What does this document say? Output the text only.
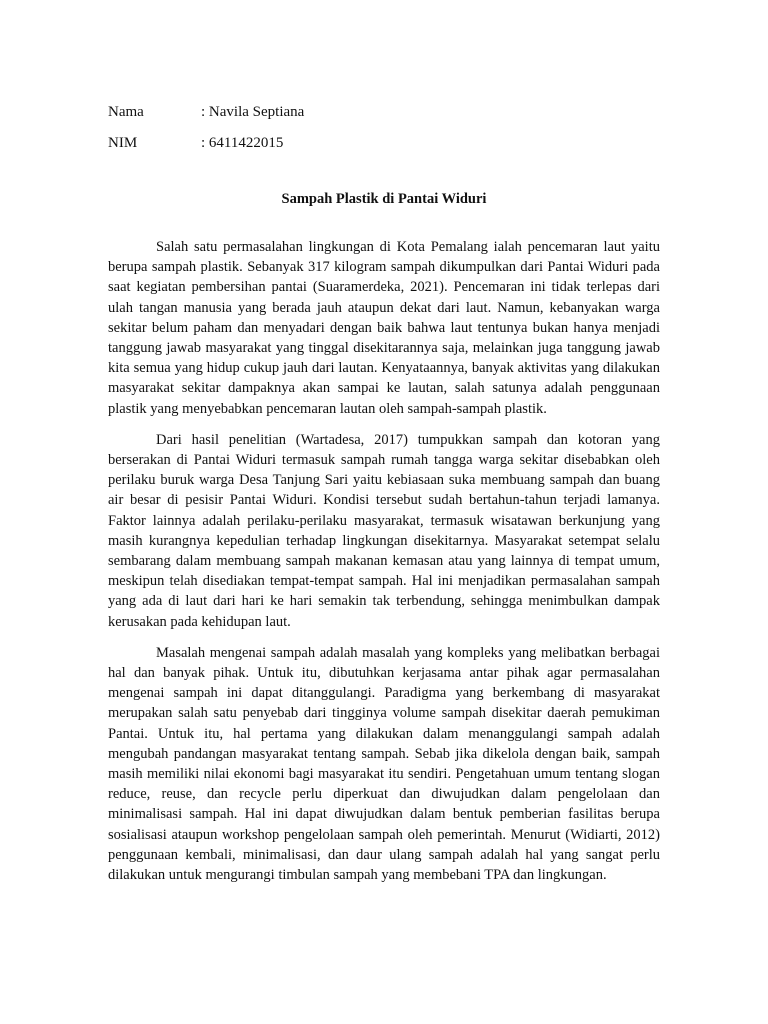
Nama	: Navila Septiana
NIM	: 6411422015
Sampah Plastik di Pantai Widuri

Salah satu permasalahan lingkungan di Kota Pemalang ialah pencemaran laut yaitu berupa sampah plastik. Sebanyak 317 kilogram sampah dikumpulkan dari Pantai Widuri pada saat kegiatan pembersihan pantai (Suaramerdeka, 2021). Pencemaran ini tidak terlepas dari ulah tangan manusia yang berada jauh ataupun dekat dari laut. Namun, kebanyakan warga sekitar belum paham dan menyadari dengan baik bahwa laut tentunya bukan hanya menjadi tanggung jawab masyarakat yang tinggal disekitarannya saja, melainkan juga tanggung jawab kita semua yang hidup cukup jauh dari lautan. Kenyataannya, banyak aktivitas yang dilakukan masyarakat sekitar dampaknya akan sampai ke lautan, salah satunya adalah penggunaan plastik yang menyebabkan pencemaran lautan oleh sampah-sampah plastik.

Dari hasil penelitian (Wartadesa, 2017) tumpukkan sampah dan kotoran yang berserakan di Pantai Widuri termasuk sampah rumah tangga warga sekitar disebabkan oleh perilaku buruk warga Desa Tanjung Sari yaitu kebiasaan suka membuang sampah dan buang air besar di pesisir Pantai Widuri. Kondisi tersebut sudah bertahun-tahun terjadi lamanya. Faktor lainnya adalah perilaku-perilaku masyarakat, termasuk wisatawan berkunjung yang masih kurangnya kepedulian terhadap lingkungan disekitarnya. Masyarakat setempat selalu sembarang dalam membuang sampah makanan kemasan atau yang lainnya di tempat umum, meskipun telah disediakan tempat-tempat sampah. Hal ini menjadikan permasalahan sampah yang ada di laut dari hari ke hari semakin tak terbendung, sehingga menimbulkan dampak kerusakan pada kehidupan laut.

Masalah mengenai sampah adalah masalah yang kompleks yang melibatkan berbagai hal dan banyak pihak. Untuk itu, dibutuhkan kerjasama antar pihak agar permasalahan mengenai sampah ini dapat ditanggulangi. Paradigma yang berkembang di masyarakat merupakan salah satu penyebab dari tingginya volume sampah disekitar daerah pemukiman Pantai. Untuk itu, hal pertama yang dilakukan dalam menanggulangi sampah adalah mengubah pandangan masyarakat tentang sampah. Sebab jika dikelola dengan baik, sampah masih memiliki nilai ekonomi bagi masyarakat itu sendiri. Pengetahuan umum tentang slogan reduce, reuse, dan recycle perlu diperkuat dan diwujudkan dalam pengelolaan dan minimalisasi sampah. Hal ini dapat diwujudkan dalam bentuk pemberian fasilitas berupa sosialisasi ataupun workshop pengelolaan sampah oleh pemerintah. Menurut (Widiarti, 2012) penggunaan kembali, minimalisasi, dan daur ulang sampah adalah hal yang sangat perlu dilakukan untuk mengurangi timbulan sampah yang membebani TPA dan lingkungan.
